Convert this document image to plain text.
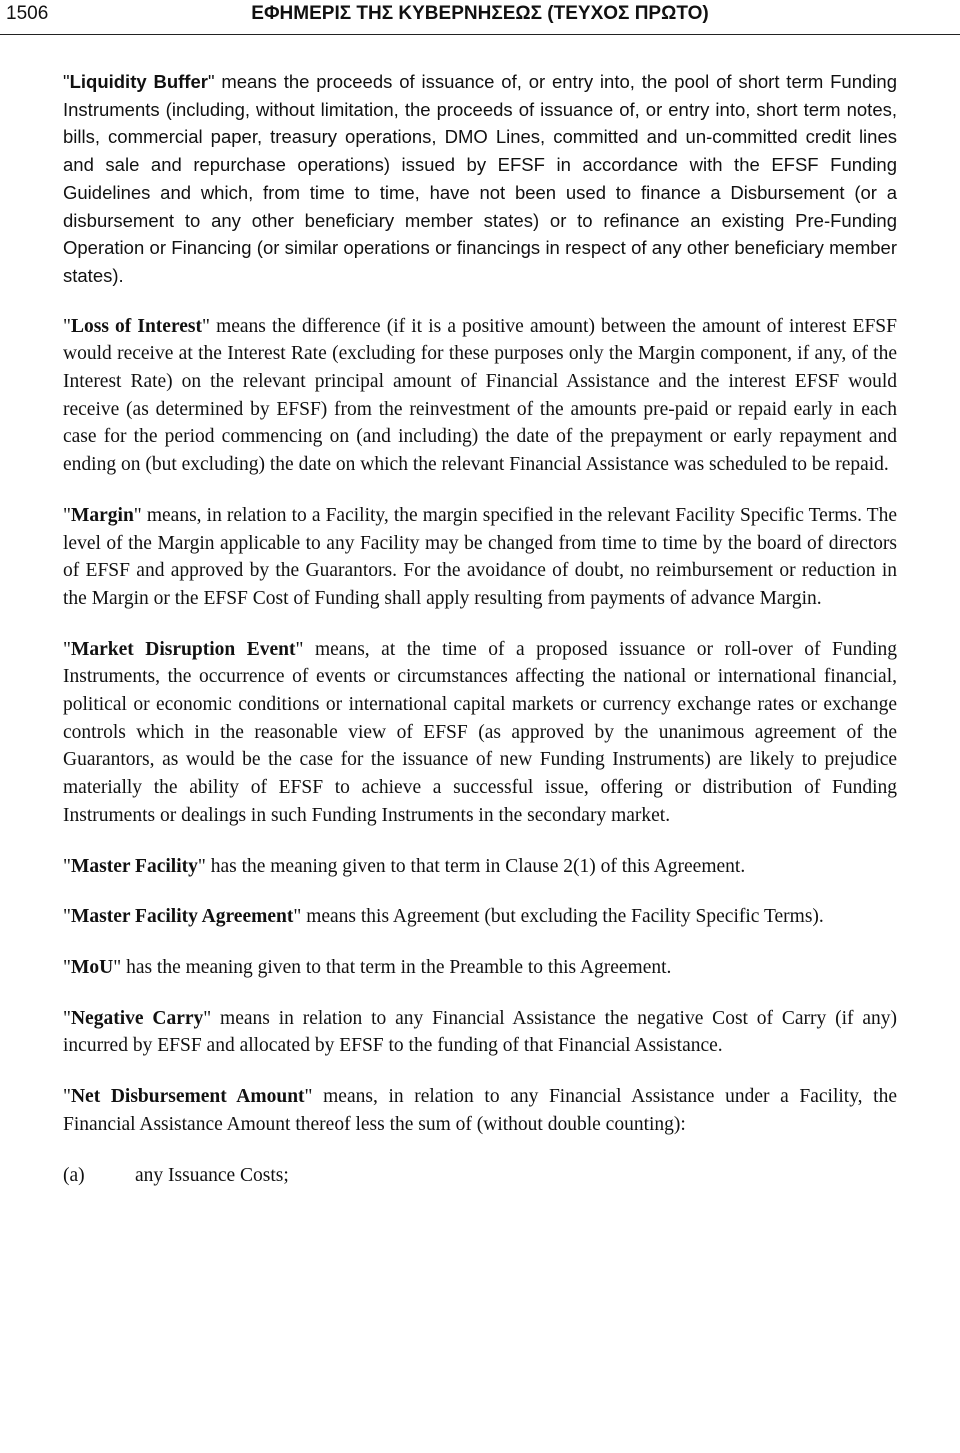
1506	ΕΦΗΜΕΡΙΣ ΤΗΣ ΚΥΒΕΡΝΗΣΕΩΣ (ΤΕΥΧΟΣ ΠΡΩΤΟ)

"Liquidity Buffer" means the proceeds of issuance of, or entry into, the pool of short term Funding Instruments (including, without limitation, the proceeds of issuance of, or entry into, short term notes, bills, commercial paper, treasury operations, DMO Lines, committed and un-committed credit lines and sale and repurchase operations) issued by EFSF in accordance with the EFSF Funding Guidelines and which, from time to time, have not been used to finance a Disbursement (or a disbursement to any other beneficiary member states) or to refinance an existing Pre-Funding Operation or Financing (or similar operations or financings in respect of any other beneficiary member states).

"Loss of Interest" means the difference (if it is a positive amount) between the amount of interest EFSF would receive at the Interest Rate (excluding for these purposes only the Margin component, if any, of the Interest Rate) on the relevant principal amount of Financial Assistance and the interest EFSF would receive (as determined by EFSF) from the reinvestment of the amounts pre-paid or repaid early in each case for the period commencing on (and including) the date of the prepayment or early repayment and ending on (but excluding) the date on which the relevant Financial Assistance was scheduled to be repaid.

"Margin" means, in relation to a Facility, the margin specified in the relevant Facility Specific Terms. The level of the Margin applicable to any Facility may be changed from time to time by the board of directors of EFSF and approved by the Guarantors. For the avoidance of doubt, no reimbursement or reduction in the Margin or the EFSF Cost of Funding shall apply resulting from payments of advance Margin.

"Market Disruption Event" means, at the time of a proposed issuance or roll-over of Funding Instruments, the occurrence of events or circumstances affecting the national or international financial, political or economic conditions or international capital markets or currency exchange rates or exchange controls which in the reasonable view of EFSF (as approved by the unanimous agreement of the Guarantors, as would be the case for the issuance of new Funding Instruments) are likely to prejudice materially the ability of EFSF to achieve a successful issue, offering or distribution of Funding Instruments or dealings in such Funding Instruments in the secondary market.

"Master Facility" has the meaning given to that term in Clause 2(1) of this Agreement.

"Master Facility Agreement" means this Agreement (but excluding the Facility Specific Terms).

"MoU" has the meaning given to that term in the Preamble to this Agreement.

"Negative Carry" means in relation to any Financial Assistance the negative Cost of Carry (if any) incurred by EFSF and allocated by EFSF to the funding of that Financial Assistance.

"Net Disbursement Amount" means, in relation to any Financial Assistance under a Facility, the Financial Assistance Amount thereof less the sum of (without double counting):

(a)	any Issuance Costs;
